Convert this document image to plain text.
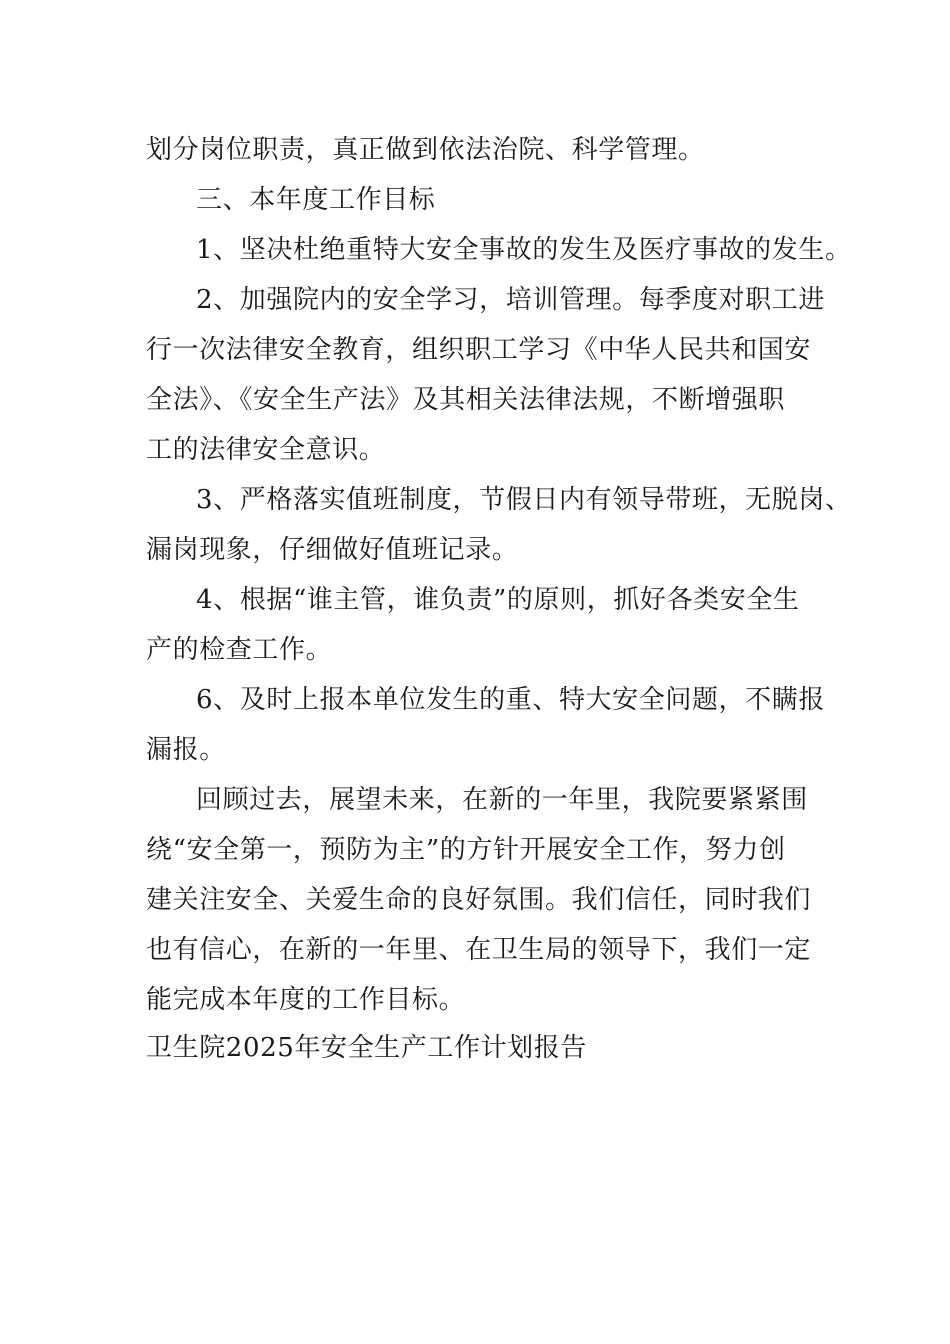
划分岗位职责，真正做到依法治院、科学管理。
三、本年度工作目标
1、坚决杜绝重特大安全事故的发生及医疗事故的发生。
2、加强院内的安全学习，培训管理。每季度对职工进
行一次法律安全教育，组织职工学习《中华人民共和国安
全法》、《安全生产法》及其相关法律法规，不断增强职
工的法律安全意识。
3、严格落实值班制度，节假日内有领导带班，无脱岗、
漏岗现象，仔细做好值班记录。
4、根据“谁主管，谁负责”的原则，抓好各类安全生
产的检查工作。
6、及时上报本单位发生的重、特大安全问题，不瞒报
漏报。
回顾过去，展望未来，在新的一年里，我院要紧紧围
绕“安全第一，预防为主”的方针开展安全工作，努力创
建关注安全、关爱生命的良好氛围。我们信任，同时我们
也有信心，在新的一年里、在卫生局的领导下，我们一定
能完成本年度的工作目标。
卫生院2025年安全生产工作计划报告
